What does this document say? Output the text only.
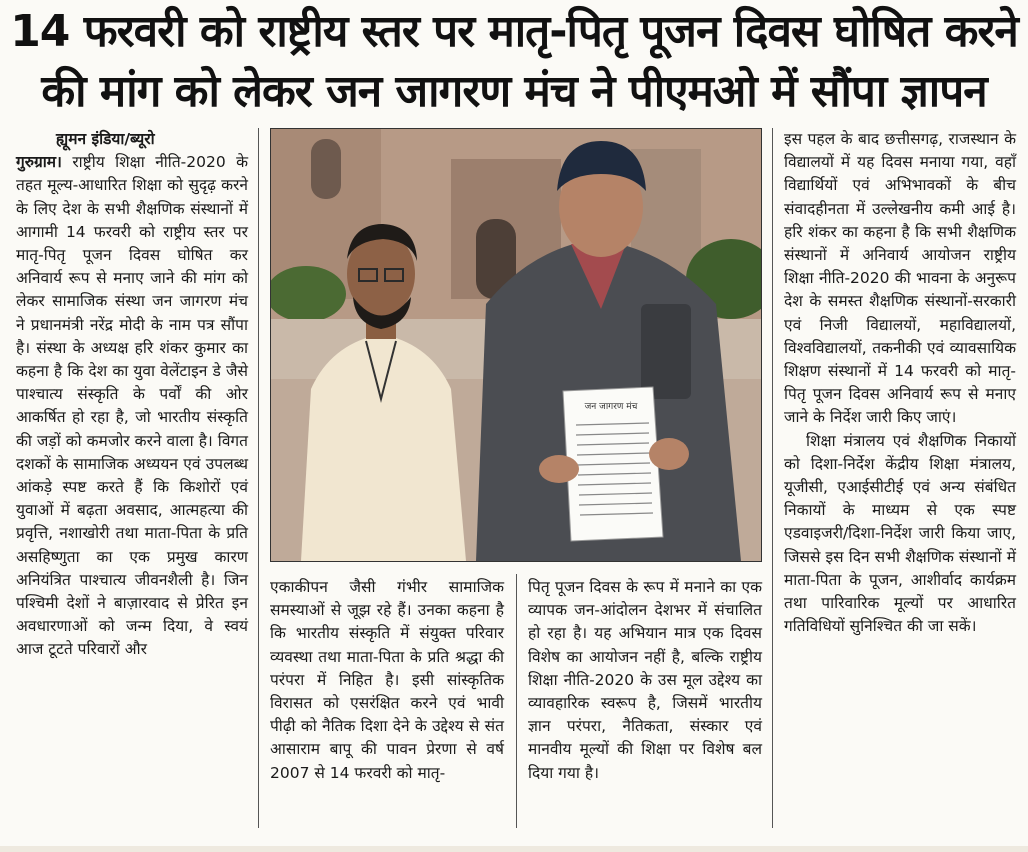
14 फरवरी को राष्ट्रीय स्तर पर मातृ-पितृ पूजन दिवस घोषित करने
की मांग को लेकर जन जागरण मंच ने पीएमओ में सौंपा ज्ञापन

ह्यूमन इंडिया/ब्यूरो

गुरुग्राम। राष्ट्रीय शिक्षा नीति-2020 के तहत मूल्य-आधारित शिक्षा को सुदृढ़ करने के लिए देश के सभी शैक्षणिक संस्थानों में आगामी 14 फरवरी को राष्ट्रीय स्तर पर मातृ-पितृ पूजन दिवस घोषित कर अनिवार्य रूप से मनाए जाने की मांग को लेकर सामाजिक संस्था जन जागरण मंच ने प्रधानमंत्री नरेंद्र मोदी के नाम पत्र सौंपा है। संस्था के अध्यक्ष हरि शंकर कुमार का कहना है कि देश का युवा वेलेंटाइन डे जैसे पाश्चात्य संस्कृति के पर्वों की ओर आकर्षित हो रहा है, जो भारतीय संस्कृति की जड़ों को कमजोर करने वाला है। विगत दशकों के सामाजिक अध्ययन एवं उपलब्ध आंकड़े स्पष्ट करते हैं कि किशोरों एवं युवाओं में बढ़ता अवसाद, आत्महत्या की प्रवृत्ति, नशाखोरी तथा माता-पिता के प्रति असहिष्णुता का एक प्रमुख कारण अनियंत्रित पाश्चात्य जीवनशैली है। जिन पश्चिमी देशों ने बाज़ारवाद से प्रेरित इन अवधारणाओं को जन्म दिया, वे स्वयं आज टूटते परिवारों और

जन जागरण मंच

एकाकीपन जैसी गंभीर सामाजिक समस्याओं से जूझ रहे हैं। उनका कहना है कि भारतीय संस्कृति में संयुक्त परिवार व्यवस्था तथा माता-पिता के प्रति श्रद्धा की परंपरा में निहित है। इसी सांस्कृतिक विरासत को एसरंक्षित करने एवं भावी पीढ़ी को नैतिक दिशा देने के उद्देश्य से संत आसाराम बापू की पावन प्रेरणा से वर्ष 2007 से 14 फरवरी को मातृ-

पितृ पूजन दिवस के रूप में मनाने का एक व्यापक जन-आंदोलन देशभर में संचालित हो रहा है। यह अभियान मात्र एक दिवस विशेष का आयोजन नहीं है, बल्कि राष्ट्रीय शिक्षा नीति-2020 के उस मूल उद्देश्य का व्यावहारिक स्वरूप है, जिसमें भारतीय ज्ञान परंपरा, नैतिकता, संस्कार एवं मानवीय मूल्यों की शिक्षा पर विशेष बल दिया गया है।

इस पहल के बाद छत्तीसगढ़, राजस्थान के विद्यालयों में यह दिवस मनाया गया, वहाँ विद्यार्थियों एवं अभिभावकों के बीच संवादहीनता में उल्लेखनीय कमी आई है। हरि शंकर का कहना है कि सभी शैक्षणिक संस्थानों में अनिवार्य आयोजन राष्ट्रीय शिक्षा नीति-2020 की भावना के अनुरूप देश के समस्त शैक्षणिक संस्थानों-सरकारी एवं निजी विद्यालयों, महाविद्यालयों, विश्वविद्यालयों, तकनीकी एवं व्यावसायिक शिक्षण संस्थानों में 14 फरवरी को मातृ-पितृ पूजन दिवस अनिवार्य रूप से मनाए जाने के निर्देश जारी किए जाएं।

शिक्षा मंत्रालय एवं शैक्षणिक निकायों को दिशा-निर्देश केंद्रीय शिक्षा मंत्रालय, यूजीसी, एआईसीटीई एवं अन्य संबंधित निकायों के माध्यम से एक स्पष्ट एडवाइजरी/दिशा-निर्देश जारी किया जाए, जिससे इस दिन सभी शैक्षणिक संस्थानों में माता-पिता के पूजन, आशीर्वाद कार्यक्रम तथा पारिवारिक मूल्यों पर आधारित गतिविधियों सुनिश्चित की जा सकें।
